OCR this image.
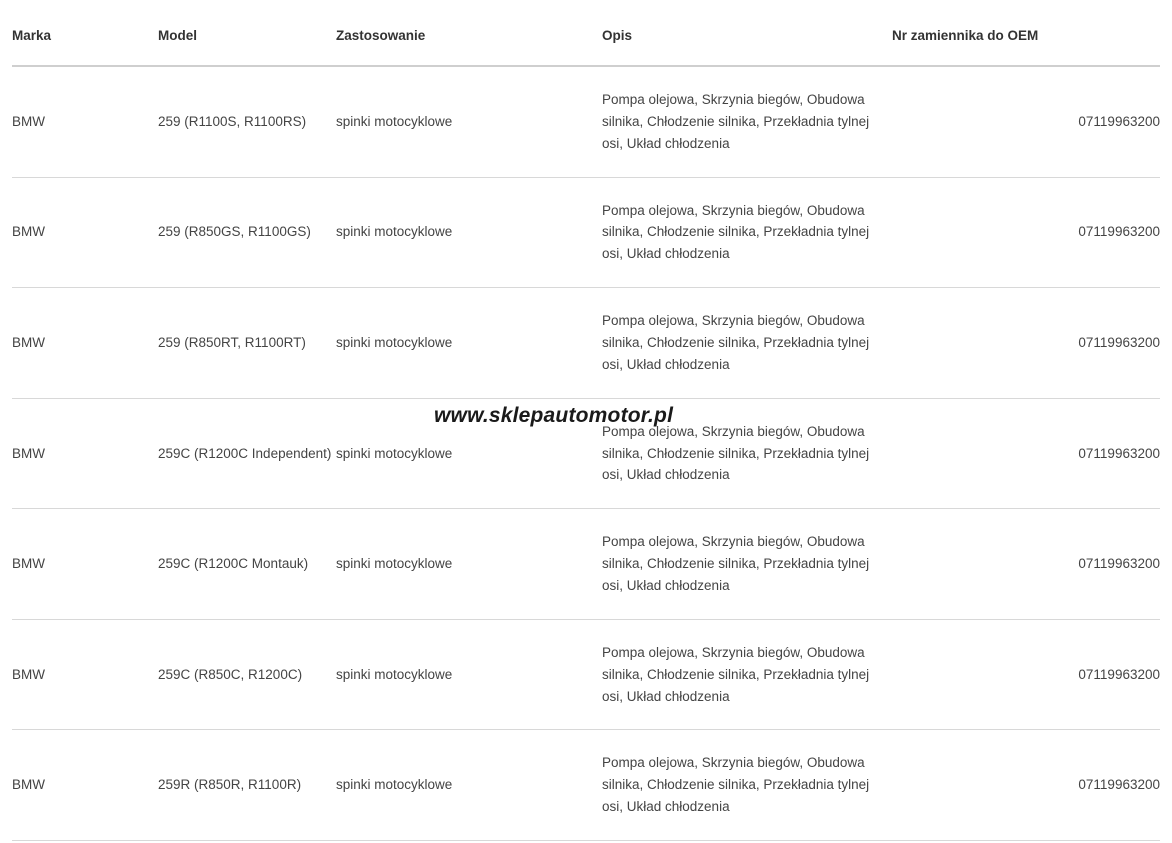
Marka	Model	Zastosowanie	Opis	Nr zamiennika do OEM
BMW	259 (R1100S, R1100RS)	spinki motocyklowe	Pompa olejowa, Skrzynia biegów, Obudowa silnika, Chłodzenie silnika, Przekładnia tylnej osi, Układ chłodzenia	07119963200
BMW	259 (R850GS, R1100GS)	spinki motocyklowe	Pompa olejowa, Skrzynia biegów, Obudowa silnika, Chłodzenie silnika, Przekładnia tylnej osi, Układ chłodzenia	07119963200
BMW	259 (R850RT, R1100RT)	spinki motocyklowe	Pompa olejowa, Skrzynia biegów, Obudowa silnika, Chłodzenie silnika, Przekładnia tylnej osi, Układ chłodzenia	07119963200
BMW	259C (R1200C Independent)	spinki motocyklowe	Pompa olejowa, Skrzynia biegów, Obudowa silnika, Chłodzenie silnika, Przekładnia tylnej osi, Układ chłodzenia	07119963200
BMW	259C (R1200C Montauk)	spinki motocyklowe	Pompa olejowa, Skrzynia biegów, Obudowa silnika, Chłodzenie silnika, Przekładnia tylnej osi, Układ chłodzenia	07119963200
BMW	259C (R850C, R1200C)	spinki motocyklowe	Pompa olejowa, Skrzynia biegów, Obudowa silnika, Chłodzenie silnika, Przekładnia tylnej osi, Układ chłodzenia	07119963200
BMW	259R (R850R, R1100R)	spinki motocyklowe	Pompa olejowa, Skrzynia biegów, Obudowa silnika, Chłodzenie silnika, Przekładnia tylnej osi, Układ chłodzenia	07119963200
www.sklepautomotor.pl
